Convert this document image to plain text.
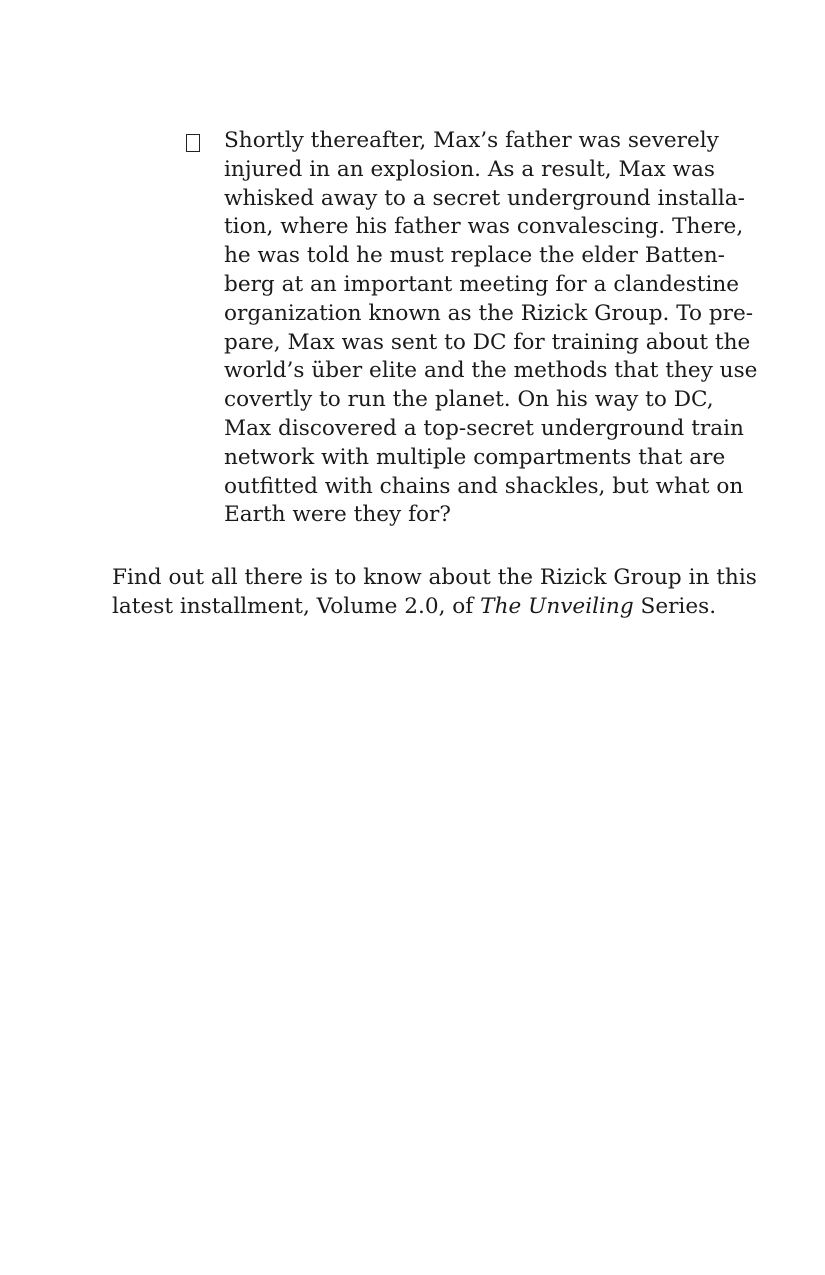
Shortly thereafter, Max’s father was severely
injured in an explosion. As a result, Max was
whisked away to a secret underground installa-
tion, where his father was convalescing. There,
he was told he must replace the elder Batten-
berg at an important meeting for a clandestine
organization known as the Rizick Group. To pre-
pare, Max was sent to DC for training about the
world’s über elite and the methods that they use
covertly to run the planet. On his way to DC,
Max discovered a top-secret underground train
network with multiple compartments that are
outfitted with chains and shackles, but what on
Earth were they for?

Find out all there is to know about the Rizick Group in this
latest installment, Volume 2.0, of The Unveiling Series.
